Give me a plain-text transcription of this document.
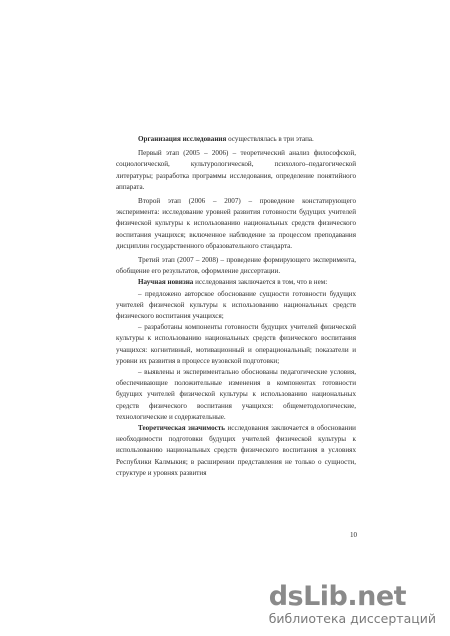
Организация исследования осуществлялась в три этапа.

Первый этап (2005 – 2006) – теоретический анализ философской, социологической, культурологической, психолого–педагогической литературы; разработка программы исследования, определение понятийного аппарата.

Второй этап (2006 – 2007) – проведение констатирующего эксперимента: исследование уровней развития готовности будущих учителей физической культуры к использованию национальных средств физического воспитания учащихся; включенное наблюдение за процессом преподавания дисциплин государственного образовательного стандарта.

Третий этап (2007 – 2008) – проведение формирующего эксперимента, обобщение его результатов, оформление диссертации.

Научная новизна исследования заключается в том, что в нем:

– предложено авторское обоснование сущности готовности будущих учителей физической культуры к использованию национальных средств физического воспитания учащихся;

– разработаны компоненты готовности будущих учителей физической культуры к использованию национальных средств физического воспитания учащихся: когнитивный, мотивационный и операциональный; показатели и уровни их развития в процессе вузовской подготовки;

– выявлены и экспериментально обоснованы педагогические условия, обеспечивающие положительные изменения в компонентах готовности будущих учителей физической культуры к использованию национальных средств физического воспитания учащихся: общеметодологические, технологические и содержательные.

Теоретическая значимость исследования заключается в обосновании необходимости подготовки будущих учителей физической культуры к использованию национальных средств физического воспитания в условиях Республики Калмыкия; в расширении представления не только о сущности, структуре и уровнях развития

10
dsLib.net
библиотека диссертаций
